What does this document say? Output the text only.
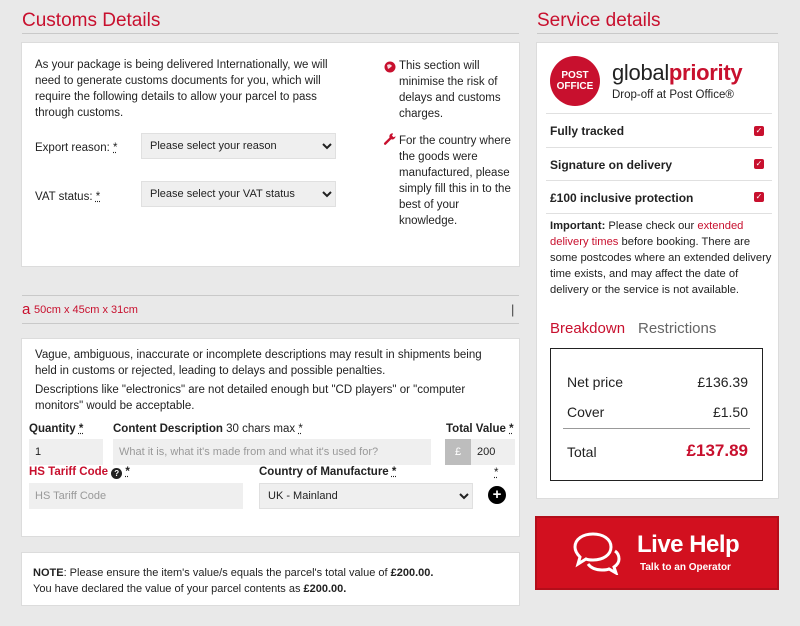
Customs Details
As your package is being delivered Internationally, we will need to generate customs documents for you, which will require the following details to allow your parcel to pass through customs.
Export reason: *
Please select your reason
VAT status: *
Please select your VAT status
This section will minimise the risk of delays and customs charges.
For the country where the goods were manufactured, please simply fill this in to the best of your knowledge.
a 50cm x 45cm x 31cm	|
Vague, ambiguous, inaccurate or incomplete descriptions may result in shipments being held in customs or rejected, leading to delays and possible penalties.
Descriptions like "electronics" are not detailed enough but "CD players" or "computer monitors" would be acceptable.
Quantity *
1
Content Description 30 chars max *
What it is, what it's made from and what it's used for?
Total Value *
£	200
HS Tariff Code ? *
HS Tariff Code
Country of Manufacture *
UK - Mainland	*
+
NOTE: Please ensure the item's value/s equals the parcel's total value of £200.00.
You have declared the value of your parcel contents as £200.00.
Service details
POST
OFFICE
globalpriority
Drop-off at Post Office®
Fully tracked	✓
Signature on delivery	✓
£100 inclusive protection	✓
Important: Please check our extended delivery times before booking. There are some postcodes where an extended delivery time exists, and may affect the date of delivery or the service is not available.
Breakdown Restrictions
Net price	£136.39
Cover	£1.50
Total	£137.89
Live Help
Talk to an Operator
